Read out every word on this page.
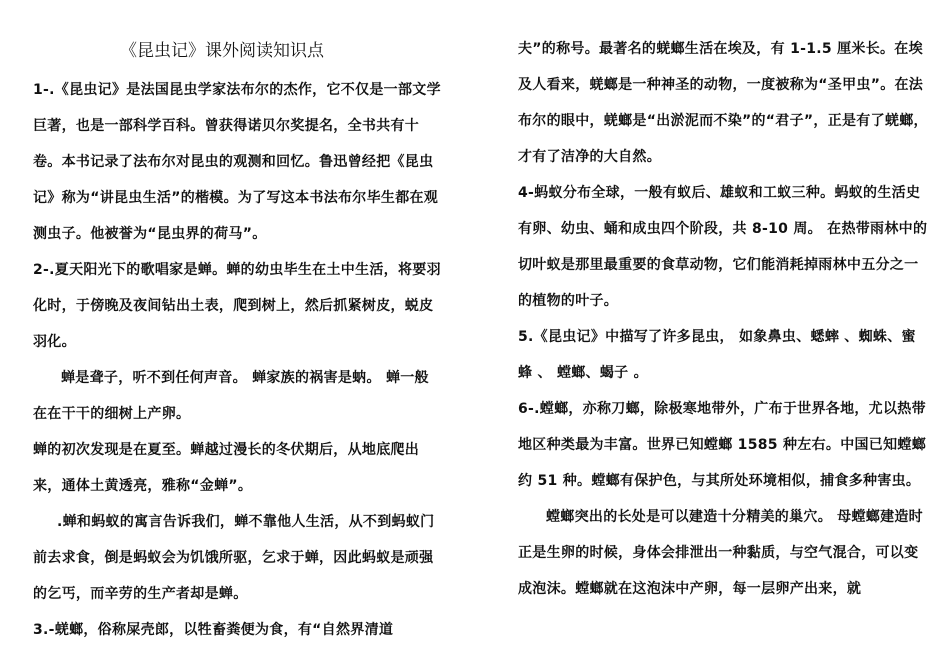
《昆虫记》课外阅读知识点

1-.《昆虫记》是法国昆虫学家法布尔的杰作，它不仅是一部文学巨著，也是一部科学百科。曾获得诺贝尔奖提名，全书共有十卷。本书记录了法布尔对昆虫的观测和回忆。鲁迅曾经把《昆虫记》称为“讲昆虫生活”的楷模。为了写这本书法布尔毕生都在观测虫子。他被誉为“昆虫界的荷马”。

2-.夏天阳光下的歌唱家是蝉。蝉的幼虫毕生在土中生活，将要羽化时，于傍晚及夜间钻出土表，爬到树上，然后抓紧树皮，蜕皮羽化。

蝉是聋子，听不到任何声音。 蝉家族的祸害是蚋。 蝉一般在在干干的细树上产卵。

蝉的初次发现是在夏至。蝉越过漫长的冬伏期后，从地底爬出来，通体土黄透亮，雅称“金蝉”。

.蝉和蚂蚁的寓言告诉我们，蝉不靠他人生活，从不到蚂蚁门前去求食，倒是蚂蚁会为饥饿所驱，乞求于蝉，因此蚂蚁是顽强的乞丐，而辛劳的生产者却是蝉。

3.-蜣螂，俗称屎壳郎，以牲畜粪便为食，有“自然界清道

夫”的称号。最著名的蜣螂生活在埃及，有 1-1.5 厘米长。在埃及人看来，蜣螂是一种神圣的动物，一度被称为“圣甲虫”。在法布尔的眼中，蜣螂是“出淤泥而不染”的“君子”，正是有了蜣螂，才有了洁净的大自然。

4-蚂蚁分布全球，一般有蚁后、雄蚁和工蚁三种。蚂蚁的生活史有卵、幼虫、蛹和成虫四个阶段，共 8-10 周。 在热带雨林中的切叶蚁是那里最重要的食草动物，它们能消耗掉雨林中五分之一的植物的叶子。

5.《昆虫记》中描写了许多昆虫， 如象鼻虫、蟋蟀 、蜘蛛、蜜蜂 、 螳螂、蝎子 。

6-.螳螂，亦称刀螂，除极寒地带外，广布于世界各地，尤以热带地区种类最为丰富。世界已知螳螂 1585 种左右。中国已知螳螂约 51 种。螳螂有保护色，与其所处环境相似，捕食多种害虫。

螳螂突出的长处是可以建造十分精美的巢穴。 母螳螂建造时正是生卵的时候，身体会排泄出一种黏质，与空气混合，可以变成泡沫。螳螂就在这泡沫中产卵，每一层卵产出来，就
